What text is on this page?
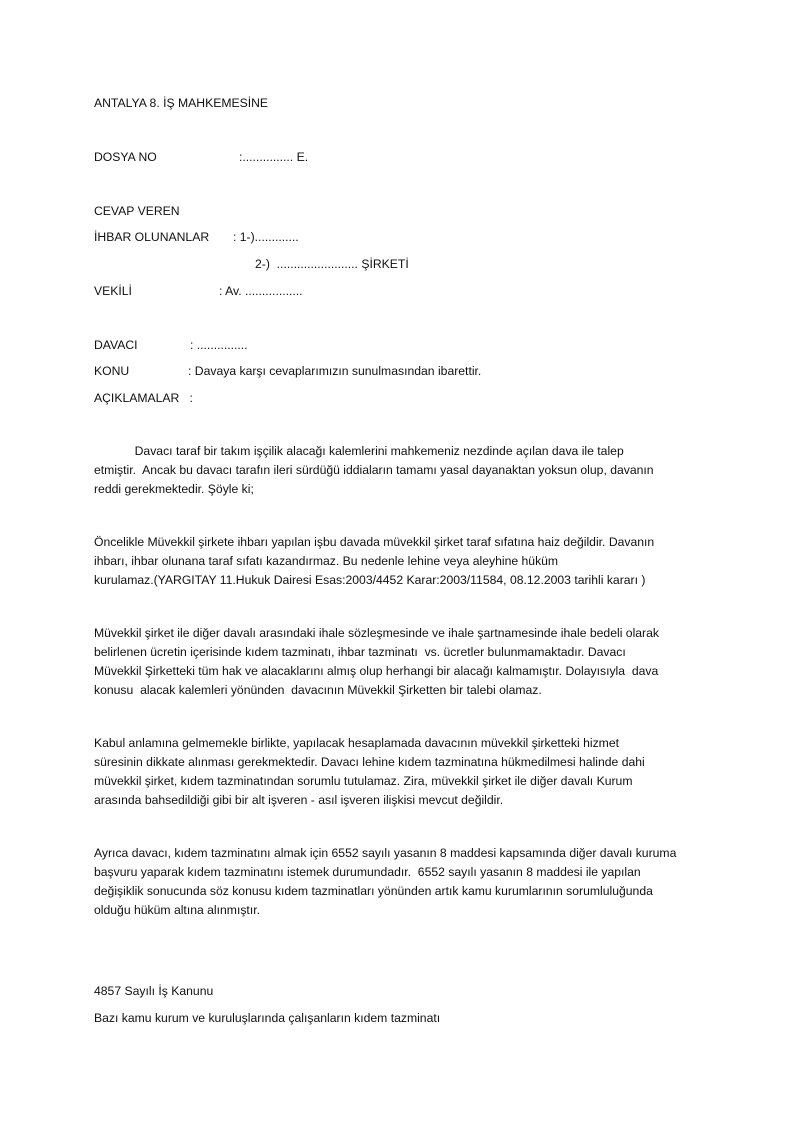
ANTALYA 8. İŞ MAHKEMESİNE
DOSYA NO	:............... E.
CEVAP VEREN
İHBAR OLUNANLAR : 1-).............
2-)  ........................ ŞİRKETİ
VEKİLİ	: Av. .................
DAVACI	: ...............
KONU	: Davaya karşı cevaplarımızın sunulmasından ibarettir.
AÇIKLAMALAR   :
Davacı taraf bir takım işçilik alacağı kalemlerini mahkemeniz nezdinde açılan dava ile talep
etmiştir.  Ancak bu davacı tarafın ileri sürdüğü iddiaların tamamı yasal dayanaktan yoksun olup, davanın
reddi gerekmektedir. Şöyle ki;
Öncelikle Müvekkil şirkete ihbarı yapılan işbu davada müvekkil şirket taraf sıfatına haiz değildir. Davanın
ihbarı, ihbar olunana taraf sıfatı kazandırmaz. Bu nedenle lehine veya aleyhine hüküm
kurulamaz.(YARGITAY 11.Hukuk Dairesi Esas:2003/4452 Karar:2003/11584, 08.12.2003 tarihli kararı )
Müvekkil şirket ile diğer davalı arasındaki ihale sözleşmesinde ve ihale şartnamesinde ihale bedeli olarak
belirlenen ücretin içerisinde kıdem tazminatı, ihbar tazminatı  vs. ücretler bulunmamaktadır. Davacı
Müvekkil Şirketteki tüm hak ve alacaklarını almış olup herhangi bir alacağı kalmamıştır. Dolayısıyla  dava
konusu  alacak kalemleri yönünden  davacının Müvekkil Şirketten bir talebi olamaz.
Kabul anlamına gelmemekle birlikte, yapılacak hesaplamada davacının müvekkil şirketteki hizmet
süresinin dikkate alınması gerekmektedir. Davacı lehine kıdem tazminatına hükmedilmesi halinde dahi
müvekkil şirket, kıdem tazminatından sorumlu tutulamaz. Zira, müvekkil şirket ile diğer davalı Kurum
arasında bahsedildiği gibi bir alt işveren - asıl işveren ilişkisi mevcut değildir.
Ayrıca davacı, kıdem tazminatını almak için 6552 sayılı yasanın 8 maddesi kapsamında diğer davalı kuruma
başvuru yaparak kıdem tazminatını istemek durumundadır.  6552 sayılı yasanın 8 maddesi ile yapılan
değişiklik sonucunda söz konusu kıdem tazminatları yönünden artık kamu kurumlarının sorumluluğunda
olduğu hüküm altına alınmıştır.
4857 Sayılı İş Kanunu
Bazı kamu kurum ve kuruluşlarında çalışanların kıdem tazminatı
